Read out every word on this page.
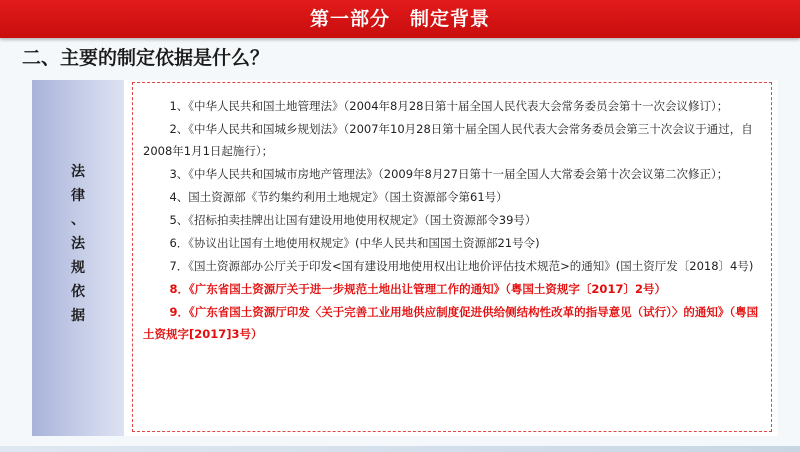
第一部分　制定背景
二、主要的制定依据是什么？
法
律
、
法
规
依
据

1、《中华人民共和国土地管理法》（2004年8月28日第十届全国人民代表大会常务委员会第十一次会议修订）；

2、《中华人民共和国城乡规划法》（2007年10月28日第十届全国人民代表大会常务委员会第三十次会议于通过，自2008年1月1日起施行）；

3、《中华人民共和国城市房地产管理法》（2009年8月27日第十一届全国人大常委会第十次会议第二次修正）；

4、国土资源部《节约集约利用土地规定》（国土资源部令第61号）

5、《招标拍卖挂牌出让国有建设用地使用权规定》（国土资源部令39号）

6．《协议出让国有土地使用权规定》(中华人民共和国国土资源部21号令)

7．《国土资源部办公厅关于印发<国有建设用地使用权出让地价评估技术规范>的通知》(国土资厅发〔2018〕4号)

8．《广东省国土资源厅关于进一步规范土地出让管理工作的通知》（粤国土资规字〔2017〕2号）

9．《广东省国土资源厅印发〈关于完善工业用地供应制度促进供给侧结构性改革的指导意见（试行）〉的通知》（粤国土资规字[2017]3号）
